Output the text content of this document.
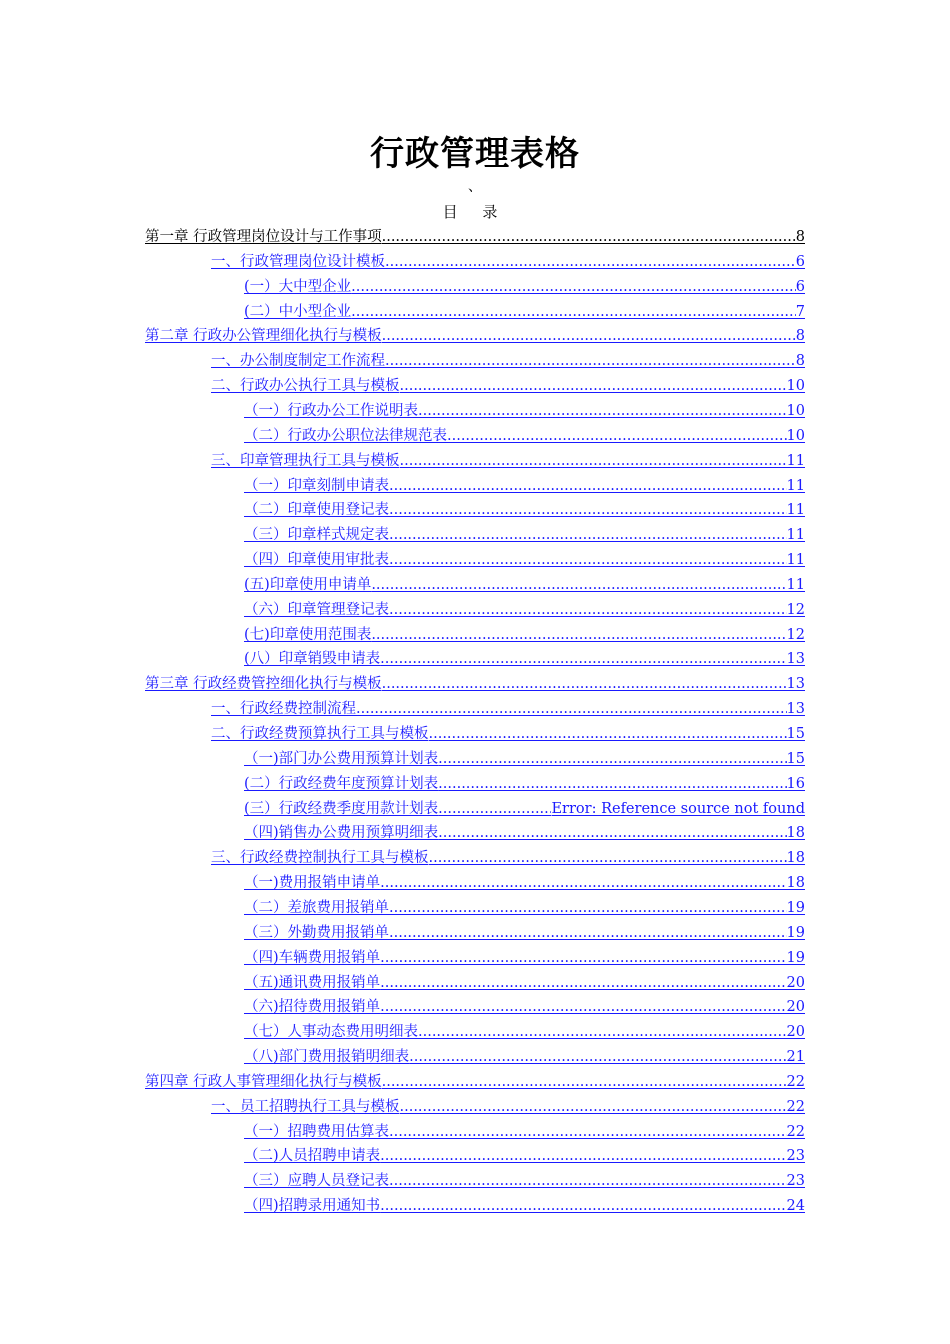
行政管理表格
、
目 录
第一章 行政管理岗位设计与工作事项 .....	8
一、行政管理岗位设计模板 .....	6
(一）大中型企业 .....	6
(二）中小型企业 .....	7
第二章 行政办公管理细化执行与模板 .....	8
一、办公制度制定工作流程 .....	8
二、行政办公执行工具与模板 .....	10
（一）行政办公工作说明表 .....	10
（二）行政办公职位法律规范表 .....	10
三、印章管理执行工具与模板 .....	11
（一）印章刻制申请表 .....	11
（二）印章使用登记表 .....	11
（三）印章样式规定表 .....	11
（四）印章使用审批表 .....	11
(五)印章使用申请单 .....	11
（六）印章管理登记表 .....	12
(七)印章使用范围表 .....	12
(八）印章销毁申请表 .....	13
第三章 行政经费管控细化执行与模板 .....	13
一、行政经费控制流程 .....	13
二、行政经费预算执行工具与模板 .....	15
（一)部门办公费用预算计划表 .....	15
(二）行政经费年度预算计划表 .....	16
(三）行政经费季度用款计划表 .....	Error: Reference source not found
（四)销售办公费用预算明细表 .....	18
三、行政经费控制执行工具与模板 .....	18
（一)费用报销申请单 .....	18
（二）差旅费用报销单 .....	19
（三）外勤费用报销单 .....	19
（四)车辆费用报销单 .....	19
（五)通讯费用报销单 .....	20
（六)招待费用报销单 .....	20
（七）人事动态费用明细表 .....	20
（八)部门费用报销明细表 .....	21
第四章 行政人事管理细化执行与模板 .....	22
一、员工招聘执行工具与模板 .....	22
（一）招聘费用估算表 .....	22
（二)人员招聘申请表 .....	23
（三）应聘人员登记表 .....	23
（四)招聘录用通知书 .....	24
